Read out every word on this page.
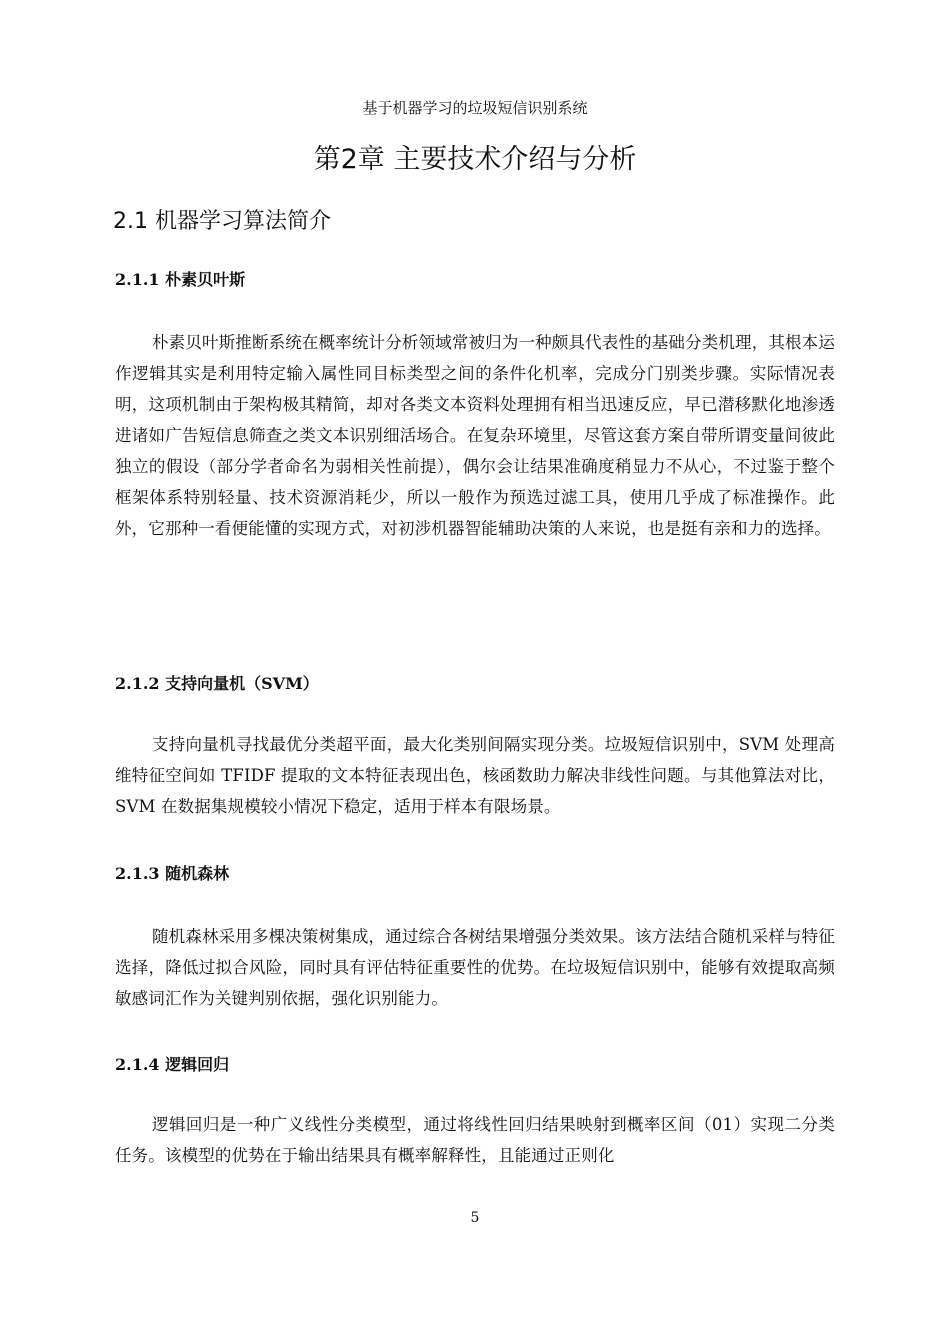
基于机器学习的垃圾短信识别系统
第2章 主要技术介绍与分析
2.1 机器学习算法简介
2.1.1 朴素贝叶斯

朴素贝叶斯推断系统在概率统计分析领域常被归为一种颇具代表性的基础分类机理，其根本运作逻辑其实是利用特定输入属性同目标类型之间的条件化机率，完成分门别类步骤。实际情况表明，这项机制由于架构极其精简，却对各类文本资料处理拥有相当迅速反应，早已潜移默化地渗透进诸如广告短信息筛查之类文本识别细活场合。在复杂环境里，尽管这套方案自带所谓变量间彼此独立的假设（部分学者命名为弱相关性前提），偶尔会让结果准确度稍显力不从心，不过鉴于整个框架体系特别轻量、技术资源消耗少，所以一般作为预选过滤工具，使用几乎成了标准操作。此外，它那种一看便能懂的实现方式，对初涉机器智能辅助决策的人来说，也是挺有亲和力的选择。

2.1.2 支持向量机（SVM）

支持向量机寻找最优分类超平面，最大化类别间隔实现分类。垃圾短信识别中，SVM 处理高维特征空间如 TFIDF 提取的文本特征表现出色，核函数助力解决非线性问题。与其他算法对比，SVM 在数据集规模较小情况下稳定，适用于样本有限场景。

2.1.3 随机森林

随机森林采用多棵决策树集成，通过综合各树结果增强分类效果。该方法结合随机采样与特征选择，降低过拟合风险，同时具有评估特征重要性的优势。在垃圾短信识别中，能够有效提取高频敏感词汇作为关键判别依据，强化识别能力。

2.1.4 逻辑回归

逻辑回归是一种广义线性分类模型，通过将线性回归结果映射到概率区间（01）实现二分类任务。该模型的优势在于输出结果具有概率解释性，且能通过正则化

5
